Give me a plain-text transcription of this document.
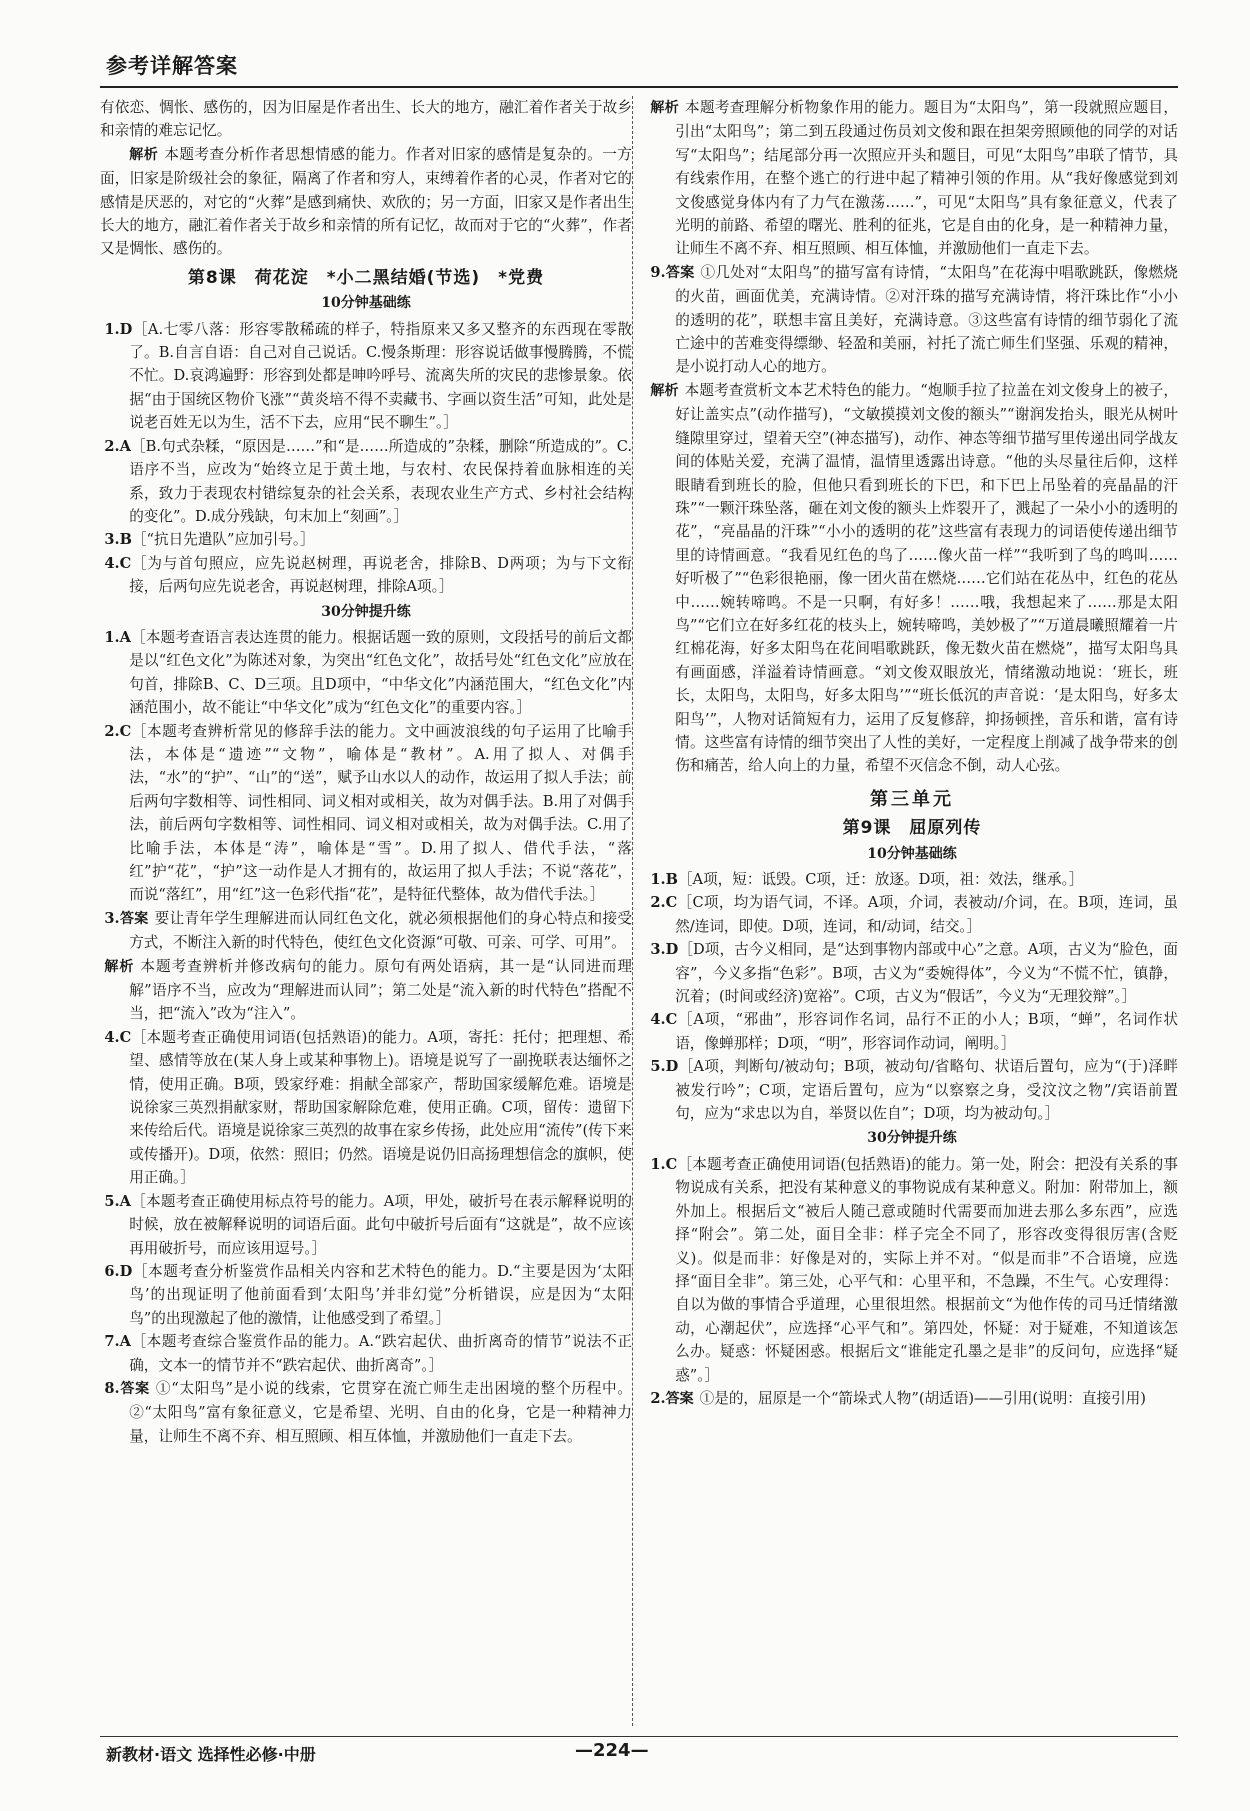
参考详解答案

有依恋、惆怅、感伤的，因为旧屋是作者出生、长大的地方，融汇着作者关于故乡和亲情的难忘记忆。

解析 本题考查分析作者思想情感的能力。作者对旧家的感情是复杂的。一方面，旧家是阶级社会的象征，隔离了作者和穷人，束缚着作者的心灵，作者对它的感情是厌恶的，对它的“火葬”是感到痛快、欢欣的；另一方面，旧家又是作者出生长大的地方，融汇着作者关于故乡和亲情的所有记忆，故而对于它的“火葬”，作者又是惆怅、感伤的。

第8课　荷花淀　*小二黑结婚(节选)　*党费

10分钟基础练

1.D［A.七零八落：形容零散稀疏的样子，特指原来又多又整齐的东西现在零散了。B.自言自语：自己对自己说话。C.慢条斯理：形容说话做事慢腾腾，不慌不忙。D.哀鸿遍野：形容到处都是呻吟呼号、流离失所的灾民的悲惨景象。依据“由于国统区物价飞涨”“黄炎培不得不卖藏书、字画以资生活”可知，此处是说老百姓无以为生，活不下去，应用“民不聊生”。］

2.A［B.句式杂糅，“原因是……”和“是……所造成的”杂糅，删除“所造成的”。C.语序不当，应改为“始终立足于黄土地，与农村、农民保持着血脉相连的关系，致力于表现农村错综复杂的社会关系，表现农业生产方式、乡村社会结构的变化”。D.成分残缺，句末加上“刻画”。］

3.B［“抗日先遣队”应加引号。］

4.C［为与首句照应，应先说赵树理，再说老舍，排除B、D两项；为与下文衔接，后两句应先说老舍，再说赵树理，排除A项。］

30分钟提升练

1.A［本题考查语言表达连贯的能力。根据话题一致的原则，文段括号的前后文都是以“红色文化”为陈述对象，为突出“红色文化”，故括号处“红色文化”应放在句首，排除B、C、D三项。且D项中，“中华文化”内涵范围大，“红色文化”内涵范围小，故不能让“中华文化”成为“红色文化”的重要内容。］

2.C［本题考查辨析常见的修辞手法的能力。文中画波浪线的句子运用了比喻手法，本体是“遗迹”“文物”，喻体是“教材”。A.用了拟人、对偶手法，“水”的“护”、“山”的“送”，赋予山水以人的动作，故运用了拟人手法；前后两句字数相等、词性相同、词义相对或相关，故为对偶手法。B.用了对偶手法，前后两句字数相等、词性相同、词义相对或相关，故为对偶手法。C.用了比喻手法，本体是“涛”，喻体是“雪”。D.用了拟人、借代手法，“落红”护“花”，“护”这一动作是人才拥有的，故运用了拟人手法；不说“落花”，而说“落红”，用“红”这一色彩代指“花”，是特征代整体，故为借代手法。］

3.答案 要让青年学生理解进而认同红色文化，就必须根据他们的身心特点和接受方式，不断注入新的时代特色，使红色文化资源“可敬、可亲、可学、可用”。

解析 本题考查辨析并修改病句的能力。原句有两处语病，其一是“认同进而理解”语序不当，应改为“理解进而认同”；第二处是“流入新的时代特色”搭配不当，把“流入”改为“注入”。

4.C［本题考查正确使用词语(包括熟语)的能力。A项，寄托：托付；把理想、希望、感情等放在(某人身上或某种事物上)。语境是说写了一副挽联表达缅怀之情，使用正确。B项，毁家纾难：捐献全部家产，帮助国家缓解危难。语境是说徐家三英烈捐献家财，帮助国家解除危难，使用正确。C项，留传：遗留下来传给后代。语境是说徐家三英烈的故事在家乡传扬，此处应用“流传”(传下来或传播开)。D项，依然：照旧；仍然。语境是说仍旧高扬理想信念的旗帜，使用正确。］

5.A［本题考查正确使用标点符号的能力。A项，甲处，破折号在表示解释说明的时候，放在被解释说明的词语后面。此句中破折号后面有“这就是”，故不应该再用破折号，而应该用逗号。］

6.D［本题考查分析鉴赏作品相关内容和艺术特色的能力。D.“主要是因为‘太阳鸟’的出现证明了他前面看到‘太阳鸟’并非幻觉”分析错误，应是因为“太阳鸟”的出现激起了他的激情，让他感受到了希望。］

7.A［本题考查综合鉴赏作品的能力。A.“跌宕起伏、曲折离奇的情节”说法不正确，文本一的情节并不“跌宕起伏、曲折离奇”。］

8.答案 ①“太阳鸟”是小说的线索，它贯穿在流亡师生走出困境的整个历程中。②“太阳鸟”富有象征意义，它是希望、光明、自由的化身，它是一种精神力量，让师生不离不弃、相互照顾、相互体恤，并激励他们一直走下去。

解析 本题考查理解分析物象作用的能力。题目为“太阳鸟”，第一段就照应题目，引出“太阳鸟”；第二到五段通过伤员刘文俊和跟在担架旁照顾他的同学的对话写“太阳鸟”；结尾部分再一次照应开头和题目，可见“太阳鸟”串联了情节，具有线索作用，在整个逃亡的行进中起了精神引领的作用。从“我好像感觉到刘文俊感觉身体内有了力气在激荡……”，可见“太阳鸟”具有象征意义，代表了光明的前路、希望的曙光、胜利的征兆，它是自由的化身，是一种精神力量，让师生不离不弃、相互照顾、相互体恤，并激励他们一直走下去。

9.答案 ①几处对“太阳鸟”的描写富有诗情，“太阳鸟”在花海中唱歌跳跃，像燃烧的火苗，画面优美，充满诗情。②对汗珠的描写充满诗情，将汗珠比作“小小的透明的花”，联想丰富且美好，充满诗意。③这些富有诗情的细节弱化了流亡途中的苦难变得缥缈、轻盈和美丽，衬托了流亡师生们坚强、乐观的精神，是小说打动人心的地方。

解析 本题考查赏析文本艺术特色的能力。“炮顺手拉了拉盖在刘文俊身上的被子，好让盖实点”(动作描写)，“文敏摸摸刘文俊的额头”“谢润发抬头，眼光从树叶缝隙里穿过，望着天空”(神态描写)，动作、神态等细节描写里传递出同学战友间的体贴关爱，充满了温情，温情里透露出诗意。“他的头尽量往后仰，这样眼睛看到班长的脸，但他只看到班长的下巴，和下巴上吊坠着的亮晶晶的汗珠”“一颗汗珠坠落，砸在刘文俊的额头上炸裂开了，溅起了一朵小小的透明的花”，“亮晶晶的汗珠”“小小的透明的花”这些富有表现力的词语使传递出细节里的诗情画意。“我看见红色的鸟了……像火苗一样”“我听到了鸟的鸣叫……好听极了”“色彩很艳丽，像一团火苗在燃烧……它们站在花丛中，红色的花丛中……婉转啼鸣。不是一只啊，有好多！……哦，我想起来了……那是太阳鸟”“它们立在好多红花的枝头上，婉转啼鸣，美妙极了”“万道晨曦照耀着一片红棉花海，好多太阳鸟在花间唱歌跳跃，像无数火苗在燃烧”，描写太阳鸟具有画面感，洋溢着诗情画意。“刘文俊双眼放光，情绪激动地说：‘班长，班长，太阳鸟，太阳鸟，好多太阳鸟’”“班长低沉的声音说：‘是太阳鸟，好多太阳鸟’”，人物对话简短有力，运用了反复修辞，抑扬顿挫，音乐和谐，富有诗情。这些富有诗情的细节突出了人性的美好，一定程度上削减了战争带来的创伤和痛苦，给人向上的力量，希望不灭信念不倒，动人心弦。

第三单元

第9课　屈原列传

10分钟基础练

1.B［A项，短：诋毁。C项，迁：放逐。D项，祖：效法，继承。］

2.C［C项，均为语气词，不译。A项，介词，表被动/介词，在。B项，连词，虽然/连词，即使。D项，连词，和/动词，结交。］

3.D［D项，古今义相同，是“达到事物内部或中心”之意。A项，古义为“脸色，面容”，今义多指“色彩”。B项，古义为“委婉得体”，今义为“不慌不忙，镇静，沉着；(时间或经济)宽裕”。C项，古义为“假话”，今义为“无理狡辩”。］

4.C［A项，“邪曲”，形容词作名词，品行不正的小人；B项，“蝉”，名词作状语，像蝉那样；D项，“明”，形容词作动词，阐明。］

5.D［A项，判断句/被动句；B项，被动句/省略句、状语后置句，应为“(于)泽畔被发行吟”；C项，定语后置句，应为“以察察之身，受汶汶之物”/宾语前置句，应为“求忠以为自，举贤以佐自”；D项，均为被动句。］

30分钟提升练

1.C［本题考查正确使用词语(包括熟语)的能力。第一处，附会：把没有关系的事物说成有关系，把没有某种意义的事物说成有某种意义。附加：附带加上，额外加上。根据后文“被后人随己意或随时代需要而加进去那么多东西”，应选择“附会”。第二处，面目全非：样子完全不同了，形容改变得很厉害(含贬义)。似是而非：好像是对的，实际上并不对。“似是而非”不合语境，应选择“面目全非”。第三处，心平气和：心里平和，不急躁，不生气。心安理得：自以为做的事情合乎道理，心里很坦然。根据前文“为他作传的司马迁情绪激动，心潮起伏”，应选择“心平气和”。第四处，怀疑：对于疑难，不知道该怎么办。疑惑：怀疑困惑。根据后文“谁能定孔墨之是非”的反问句，应选择“疑惑”。］

2.答案 ①是的，屈原是一个“箭垛式人物”(胡适语)——引用(说明：直接引用)

新教材·语文 选择性必修·中册	—224—
